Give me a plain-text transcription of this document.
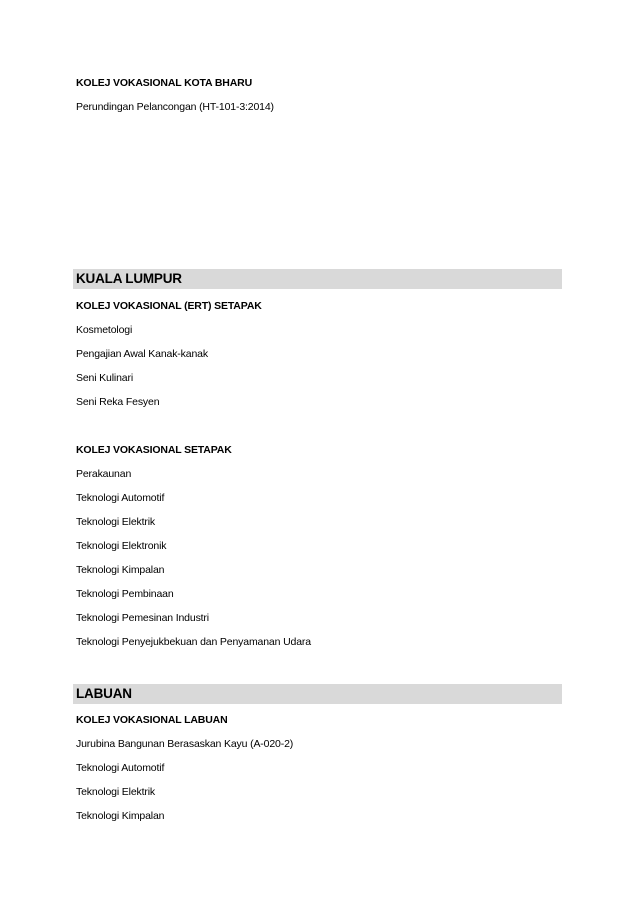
KOLEJ VOKASIONAL KOTA BHARU
Perundingan Pelancongan (HT-101-3:2014)
KUALA LUMPUR
KOLEJ VOKASIONAL (ERT) SETAPAK
Kosmetologi
Pengajian Awal Kanak-kanak
Seni Kulinari
Seni Reka Fesyen
KOLEJ VOKASIONAL SETAPAK
Perakaunan
Teknologi Automotif
Teknologi Elektrik
Teknologi Elektronik
Teknologi Kimpalan
Teknologi Pembinaan
Teknologi Pemesinan Industri
Teknologi Penyejukbekuan dan Penyamanan Udara
LABUAN
KOLEJ VOKASIONAL LABUAN
Jurubina Bangunan Berasaskan Kayu (A-020-2)
Teknologi Automotif
Teknologi Elektrik
Teknologi Kimpalan
